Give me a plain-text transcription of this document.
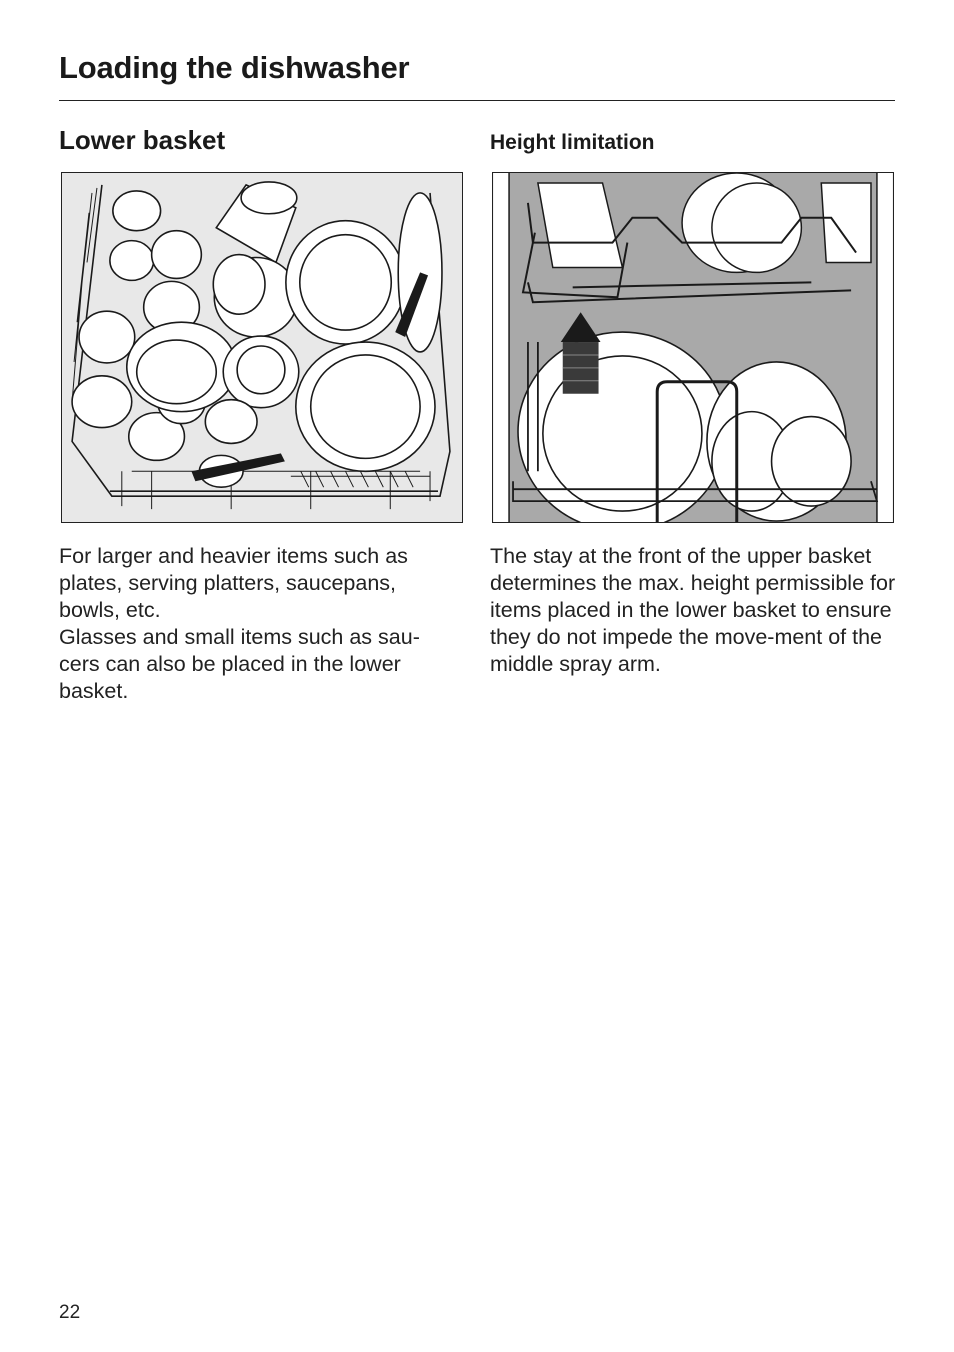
Loading the dishwasher
Lower basket	Height limitation

For larger and heavier items such as plates, serving platters, saucepans, bowls, etc.

Glasses and small items such as sau-cers can also be placed in the lower basket.

The stay at the front of the upper basket determines the max. height permissible for items placed in the lower basket to ensure they do not impede the move-ment of the middle spray arm.

22
